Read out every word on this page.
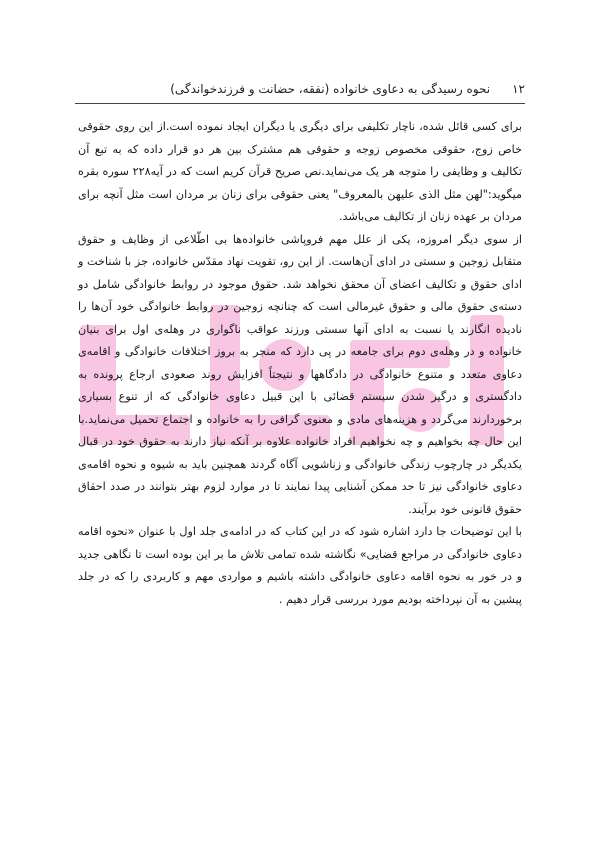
۱۲
نحوه رسیدگی به دعاوی خانواده (نفقه، حضانت و فرزندخواندگی)

برای کسی قائل شده، ناچار تکلیفی برای دیگری یا دیگران ایجاد نموده است.از این روی حقوقی خاص زوج، حقوقی مخصوص زوجه و حقوقی هم مشترک بین هر دو قرار داده که به تبع آن تکالیف و وظایفی را متوجه هر یک می‌نماید.نص صریح قرآن کریم است که در آیه۲۲۸ سوره بقره میگوید:"لهن مثل الذی علیهن بالمعروف" یعنی حقوقی برای زنان بر مردان است مثل آنچه برای مردان بر عهده زنان از تکالیف می‌باشد.

از سوی دیگر امروزه، یکی از علل مهم فروپاشی خانواده‌ها بی اطّلاعی از وظایف و حقوق متقابل زوجین و سستی در ادای آن‌هاست. از این رو، تقویت نهاد مقدّس خانواده، جز با شناخت و ادای حقوق و تکالیف اعضای آن محقق نخواهد شد. حقوق موجود در روابط خانوادگی شامل دو دسته‌ی حقوق مالی و حقوق غیرمالی است که چنانچه زوجین در روابط خانوادگی خود آن‌ها را نادیده انگارند یا نسبت به ادای آنها سستی ورزند عواقب ناگواری در وهله‌ی اول برای بنیان خانواده و در وهله‌ی دوم برای جامعه در پی دارد که منجر به بروز اختلافات خانوادگی و اقامه‌ی دعاوی متعدد و متنوع خانوادگی در دادگاهها و نتیجتاً افزایش روند صعودی ارجاع پرونده به دادگستری و درگیر شدن سیستم قضائی با این قبیل دعاوی خانوادگی که از تنوع بسیاری برخوردارند می‌گردد و هزینه‌های مادی و معنوی گرافی را به خانواده و اجتماع تحمیل می‌نماید.با این حال چه بخواهیم و چه نخواهیم افراد خانواده علاوه بر آنکه نیاز دارند به حقوق خود در قبال یکدیگر در چارچوب زندگی خانوادگی و زناشویی آگاه گردند همچنین باید به شیوه و نحوه اقامه‌ی دعاوی خانوادگی نیز تا حد ممکن آشنایی پیدا نمایند تا در موارد لزوم بهتر بتوانند در صدد احقاق حقوق قانونی خود برآیند.

با این توضیحات جا دارد اشاره شود که در این کتاب که در ادامه‌ی جلد اول با عنوان «نحوه اقامه دعاوی خانوادگی در مراجع قضایی» نگاشته شده تمامی تلاش ما بر این بوده است تا نگاهی جدید و در خور به نحوه اقامه دعاوی خانوادگی داشته باشیم و مواردی مهم و کاربردی را که در جلد پیشین به آن نپرداخته بودیم مورد بررسی قرار دهیم .
